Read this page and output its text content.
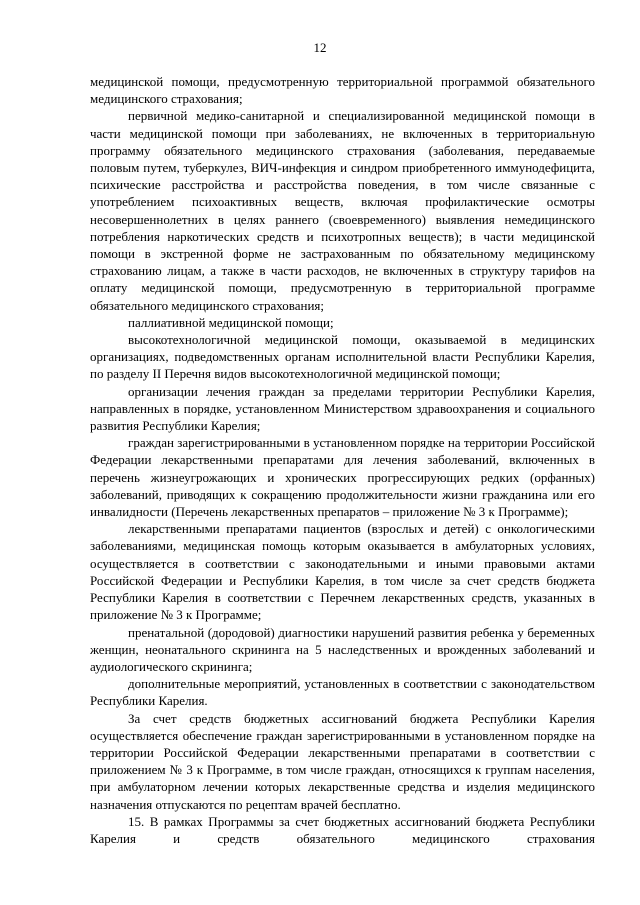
12

медицинской помощи, предусмотренную территориальной программой обязательного медицинского страхования;

первичной медико-санитарной и специализированной медицинской помощи в части медицинской помощи при заболеваниях, не включенных в территориальную программу обязательного медицинского страхования (заболевания, передаваемые половым путем, туберкулез, ВИЧ-инфекция и синдром приобретенного иммунодефицита, психические расстройства и расстройства поведения, в том числе связанные с употреблением психоактивных веществ, включая профилактические осмотры несовершеннолетних в целях раннего (своевременного) выявления немедицинского потребления наркотических средств и психотропных веществ); в части медицинской помощи в экстренной форме не застрахованным по обязательному медицинскому страхованию лицам, а также в части расходов, не включенных в структуру тарифов на оплату медицинской помощи, предусмотренную в территориальной программе обязательного медицинского страхования;

паллиативной медицинской помощи;

высокотехнологичной медицинской помощи, оказываемой в медицинских организациях, подведомственных органам исполнительной власти Республики Карелия, по разделу II Перечня видов высокотехнологичной медицинской помощи;

организации лечения граждан за пределами территории Республики Карелия, направленных в порядке, установленном Министерством здравоохранения и социального развития Республики Карелия;

граждан зарегистрированными в установленном порядке на территории Российской Федерации лекарственными препаратами для лечения заболеваний, включенных в перечень жизнеугрожающих и хронических прогрессирующих редких (орфанных) заболеваний, приводящих к сокращению продолжительности жизни гражданина или его инвалидности (Перечень лекарственных препаратов – приложение № 3 к Программе);

лекарственными препаратами пациентов (взрослых и детей) с онкологическими заболеваниями, медицинская помощь которым оказывается в амбулаторных условиях, осуществляется в соответствии с законодательными и иными правовыми актами Российской Федерации и Республики Карелия, в том числе за счет средств бюджета Республики Карелия в соответствии с Перечнем лекарственных средств, указанных в приложение № 3 к Программе;

пренатальной (дородовой) диагностики нарушений развития ребенка у беременных женщин, неонатального скрининга на 5 наследственных и врожденных заболеваний и аудиологического скрининга;

дополнительные мероприятий, установленных в соответствии с законодательством Республики Карелия.

За счет средств бюджетных ассигнований бюджета Республики Карелия осуществляется обеспечение граждан зарегистрированными в установленном порядке на территории Российской Федерации лекарственными препаратами в соответствии с приложением № 3 к Программе, в том числе граждан, относящихся к группам населения, при амбулаторном лечении которых лекарственные средства и изделия медицинского назначения отпускаются по рецептам врачей бесплатно.

15. В рамках Программы за счет бюджетных ассигнований бюджета Республики Карелия и средств обязательного медицинского страхования
